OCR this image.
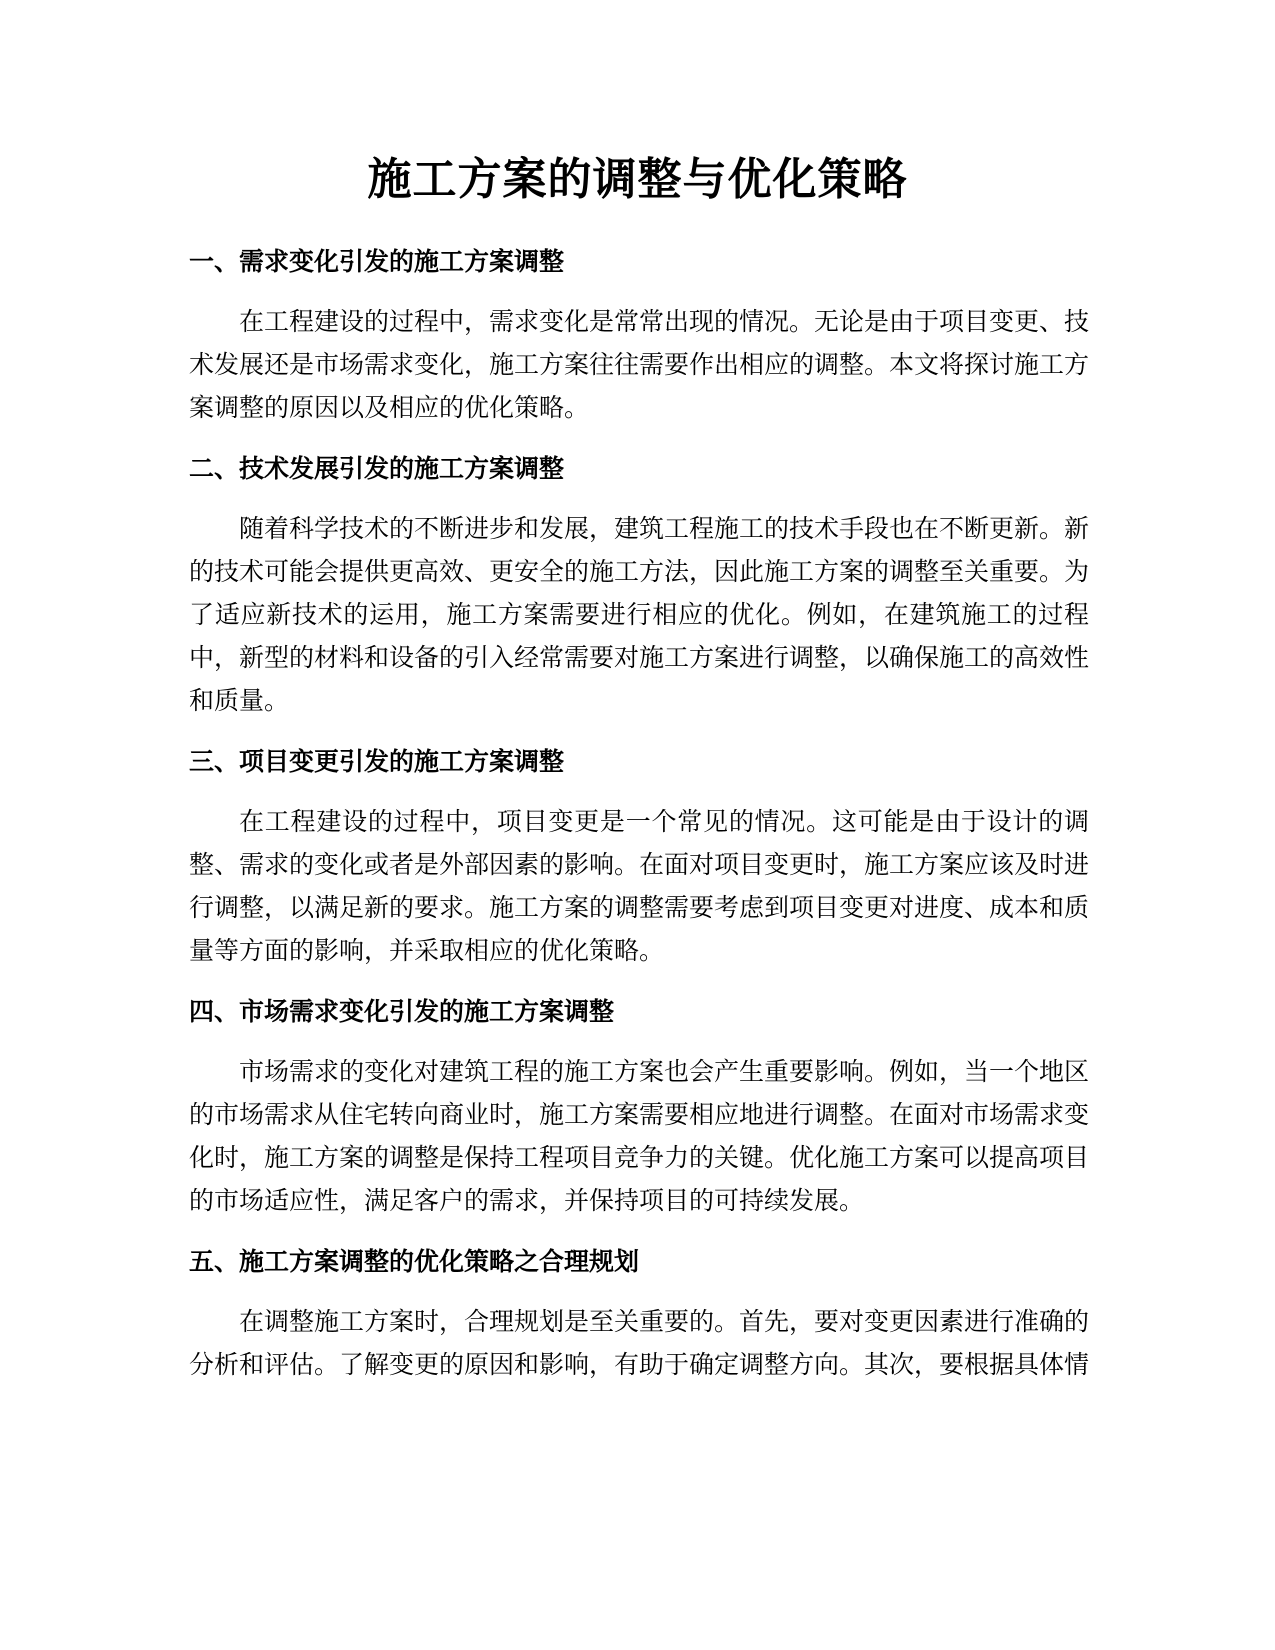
施工方案的调整与优化策略
一、需求变化引发的施工方案调整

在工程建设的过程中，需求变化是常常出现的情况。无论是由于项目变更、技术发展还是市场需求变化，施工方案往往需要作出相应的调整。本文将探讨施工方案调整的原因以及相应的优化策略。

二、技术发展引发的施工方案调整

随着科学技术的不断进步和发展，建筑工程施工的技术手段也在不断更新。新的技术可能会提供更高效、更安全的施工方法，因此施工方案的调整至关重要。为了适应新技术的运用，施工方案需要进行相应的优化。例如，在建筑施工的过程中，新型的材料和设备的引入经常需要对施工方案进行调整，以确保施工的高效性和质量。

三、项目变更引发的施工方案调整

在工程建设的过程中，项目变更是一个常见的情况。这可能是由于设计的调整、需求的变化或者是外部因素的影响。在面对项目变更时，施工方案应该及时进行调整，以满足新的要求。施工方案的调整需要考虑到项目变更对进度、成本和质量等方面的影响，并采取相应的优化策略。

四、市场需求变化引发的施工方案调整

市场需求的变化对建筑工程的施工方案也会产生重要影响。例如，当一个地区的市场需求从住宅转向商业时，施工方案需要相应地进行调整。在面对市场需求变化时，施工方案的调整是保持工程项目竞争力的关键。优化施工方案可以提高项目的市场适应性，满足客户的需求，并保持项目的可持续发展。

五、施工方案调整的优化策略之合理规划

在调整施工方案时，合理规划是至关重要的。首先，要对变更因素进行准确的分析和评估。了解变更的原因和影响，有助于确定调整方向。其次，要根据具体情
